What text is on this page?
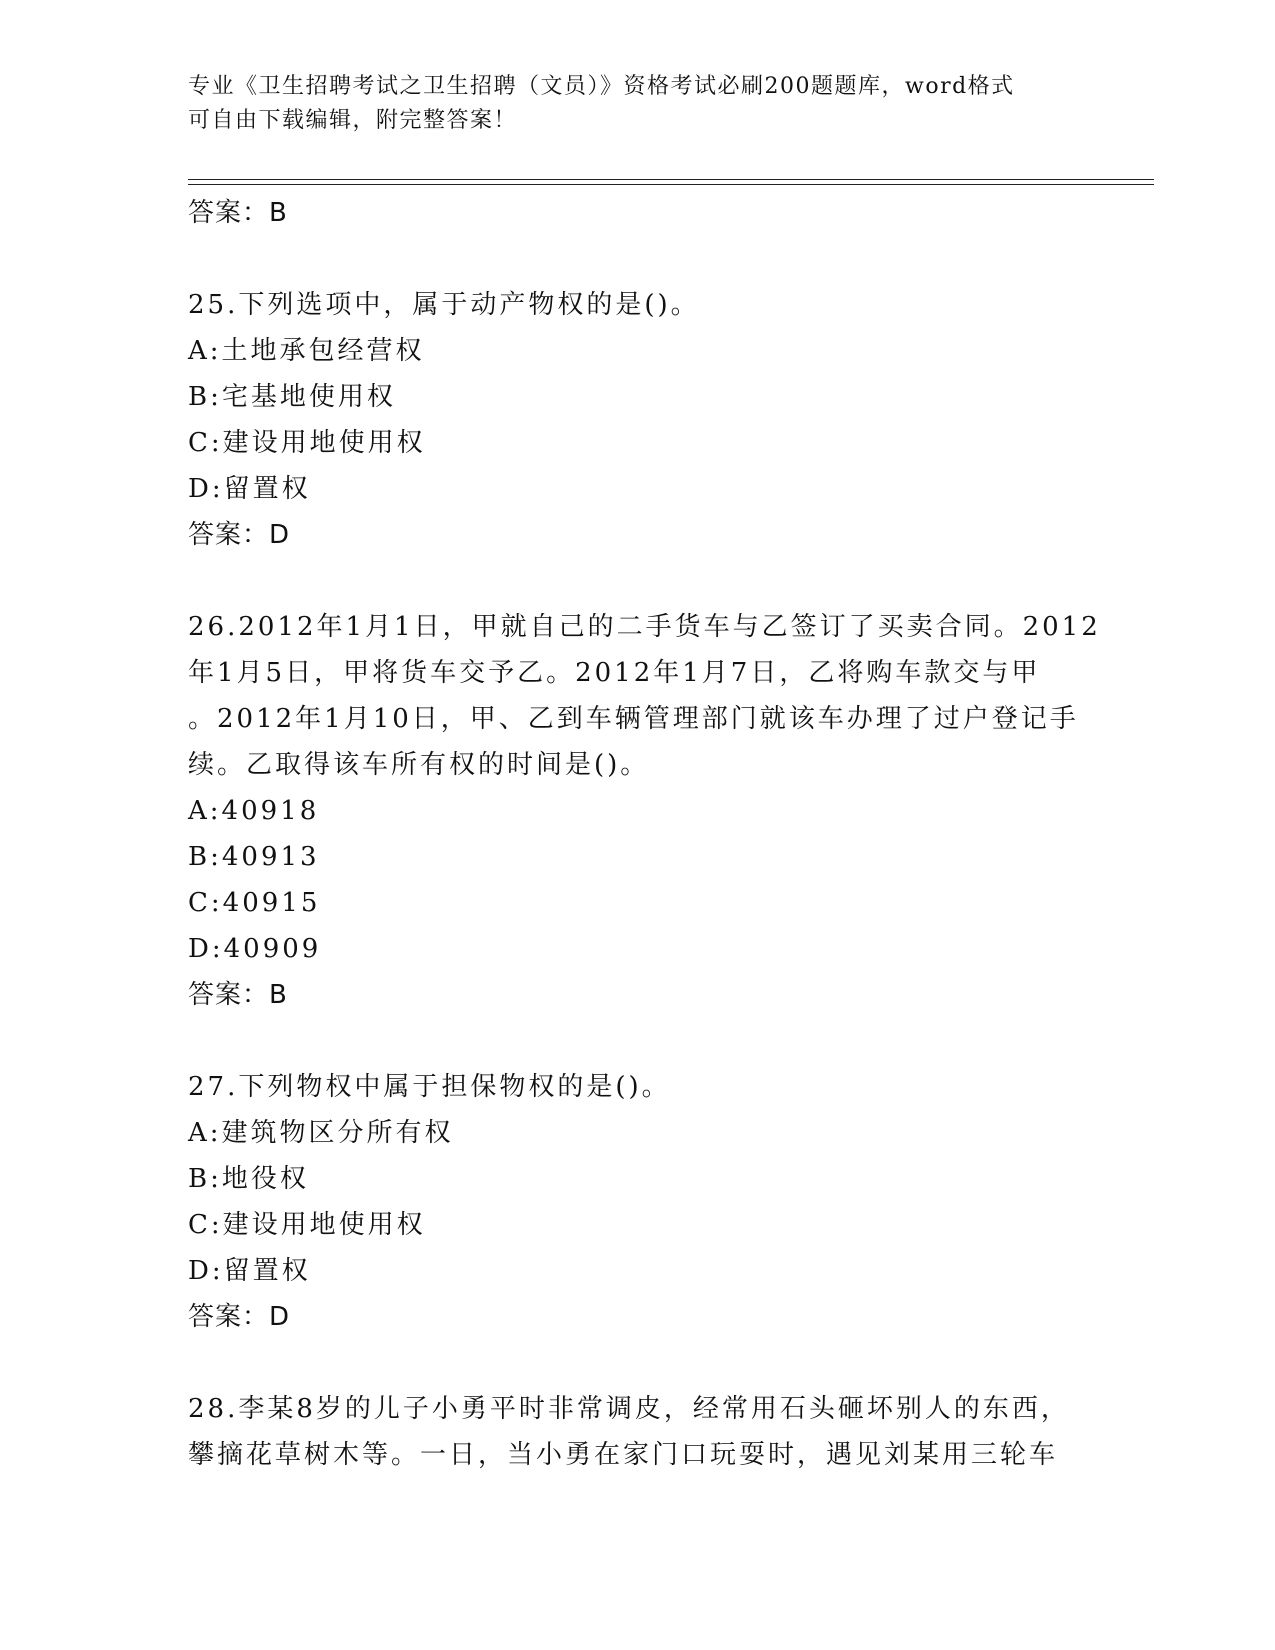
专业《卫生招聘考试之卫生招聘（文员）》资格考试必刷200题题库，word格式
可自由下载编辑，附完整答案！
答案：B
25.下列选项中，属于动产物权的是()。
A:土地承包经营权
B:宅基地使用权
C:建设用地使用权
D:留置权
答案：D
26.2012年1月1日，甲就自己的二手货车与乙签订了买卖合同。2012
年1月5日，甲将货车交予乙。2012年1月7日，乙将购车款交与甲
。2012年1月10日，甲、乙到车辆管理部门就该车办理了过户登记手
续。乙取得该车所有权的时间是()。
A:40918
B:40913
C:40915
D:40909
答案：B
27.下列物权中属于担保物权的是()。
A:建筑物区分所有权
B:地役权
C:建设用地使用权
D:留置权
答案：D
28.李某8岁的儿子小勇平时非常调皮，经常用石头砸坏别人的东西，
攀摘花草树木等。一日，当小勇在家门口玩耍时，遇见刘某用三轮车
